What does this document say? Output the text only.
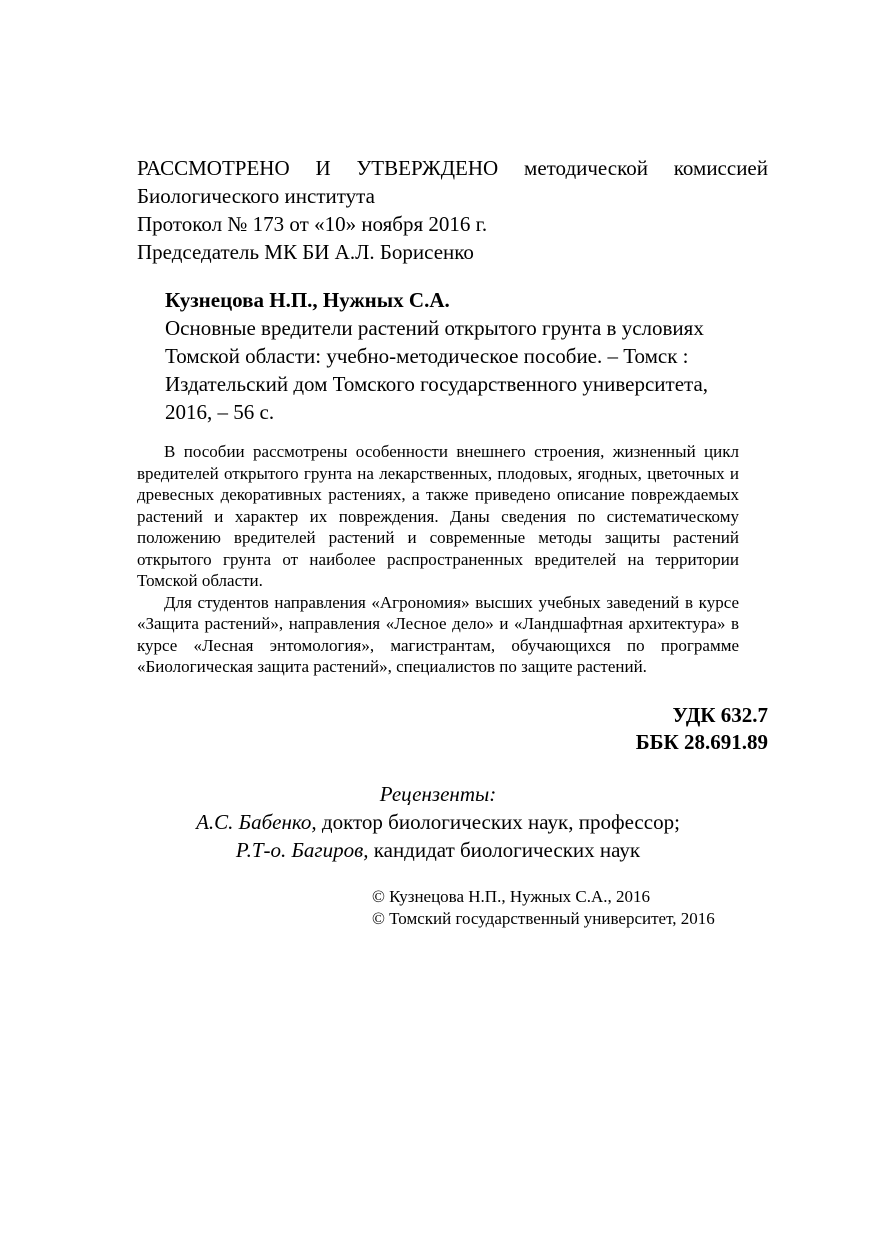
РАССМОТРЕНО И УТВЕРЖДЕНО методической комиссией
Биологического института
Протокол № 173 от «10» ноября 2016 г.
Председатель МК БИ А.Л. Борисенко
Кузнецова Н.П., Нужных С.А.
Основные вредители растений открытого грунта в условиях
Томской области: учебно-методическое пособие. – Томск :
Издательский дом Томского государственного университета,
2016, – 56 с.

В пособии рассмотрены особенности внешнего строения, жизненный цикл вредителей открытого грунта на лекарственных, плодовых, ягодных, цветочных и древесных декоративных растениях, а также приведено описание повреждаемых растений и характер их повреждения. Даны сведения по систематическому положению вредителей растений и современные методы защиты растений открытого грунта от наиболее распространенных вредителей на территории Томской области.

Для студентов направления «Агрономия» высших учебных заведений в курсе «Защита растений», направления «Лесное дело» и «Ландшафтная архитектура» в курсе «Лесная энтомология», магистрантам, обучающихся по программе «Биологическая защита растений», специалистов по защите растений.

УДК 632.7
ББК 28.691.89
Рецензенты:
А.С. Бабенко, доктор биологических наук, профессор;
Р.Т-о. Багиров, кандидат биологических наук
© Кузнецова Н.П., Нужных С.А., 2016
© Томский государственный университет, 2016
